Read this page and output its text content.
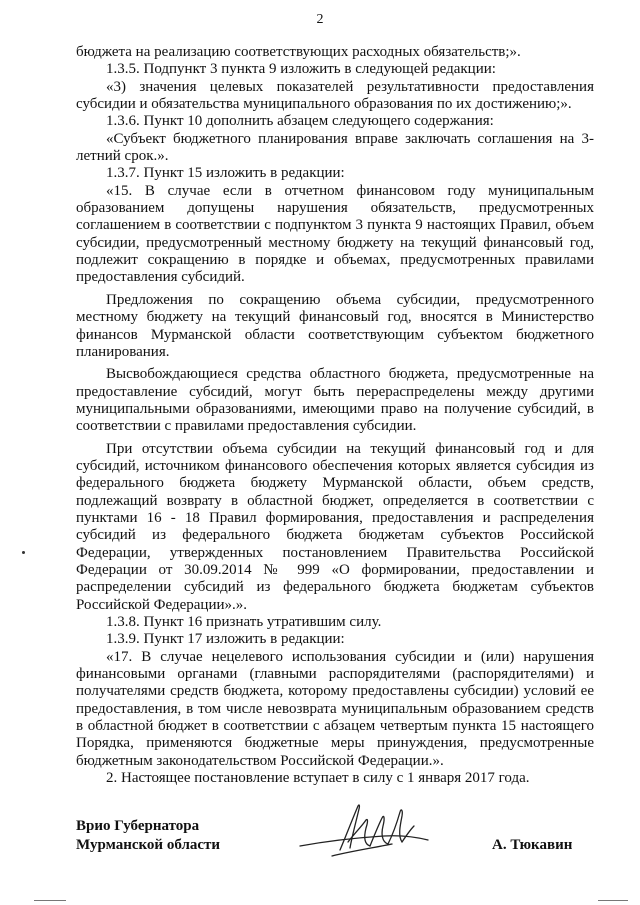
2

бюджета на реализацию соответствующих расходных обязательств;».

1.3.5. Подпункт 3 пункта 9 изложить в следующей редакции:

«3) значения целевых показателей результативности предоставления субсидии и обязательства муниципального образования по их достижению;».

1.3.6. Пункт 10 дополнить абзацем следующего содержания:

«Субъект бюджетного планирования вправе заключать соглашения на 3-летний срок.».

1.3.7. Пункт 15 изложить в редакции:

«15. В случае если в отчетном финансовом году муниципальным образованием допущены нарушения обязательств, предусмотренных соглашением в соответствии с подпунктом 3 пункта 9 настоящих Правил, объем субсидии, предусмотренный местному бюджету на текущий финансовый год, подлежит сокращению в порядке и объемах, предусмотренных правилами предоставления субсидий.

Предложения по сокращению объема субсидии, предусмотренного местному бюджету на текущий финансовый год, вносятся в Министерство финансов Мурманской области соответствующим субъектом бюджетного планирования.

Высвобождающиеся средства областного бюджета, предусмотренные на предоставление субсидий, могут быть перераспределены между другими муниципальными образованиями, имеющими право на получение субсидий, в соответствии с правилами предоставления субсидии.

При отсутствии объема субсидии на текущий финансовый год и для субсидий, источником финансового обеспечения которых является субсидия из федерального бюджета бюджету Мурманской области, объем средств, подлежащий возврату в областной бюджет, определяется в соответствии с пунктами 16 - 18 Правил формирования, предоставления и распределения субсидий из федерального бюджета бюджетам субъектов Российской Федерации, утвержденных постановлением Правительства Российской Федерации от 30.09.2014 № 999 «О формировании, предоставлении и распределении субсидий из федерального бюджета бюджетам субъектов Российской Федерации».».

1.3.8. Пункт 16 признать утратившим силу.

1.3.9. Пункт 17 изложить в редакции:

«17. В случае нецелевого использования субсидии и (или) нарушения финансовыми органами (главными распорядителями (распорядителями) и получателями средств бюджета, которому предоставлены субсидии) условий ее предоставления, в том числе невозврата муниципальным образованием средств в областной бюджет в соответствии с абзацем четвертым пункта 15 настоящего Порядка, применяются бюджетные меры принуждения, предусмотренные бюджетным законодательством Российской Федерации.».

2. Настоящее постановление вступает в силу с 1 января 2017 года.

Врио Губернатора
Мурманской области	А. Тюкавин
